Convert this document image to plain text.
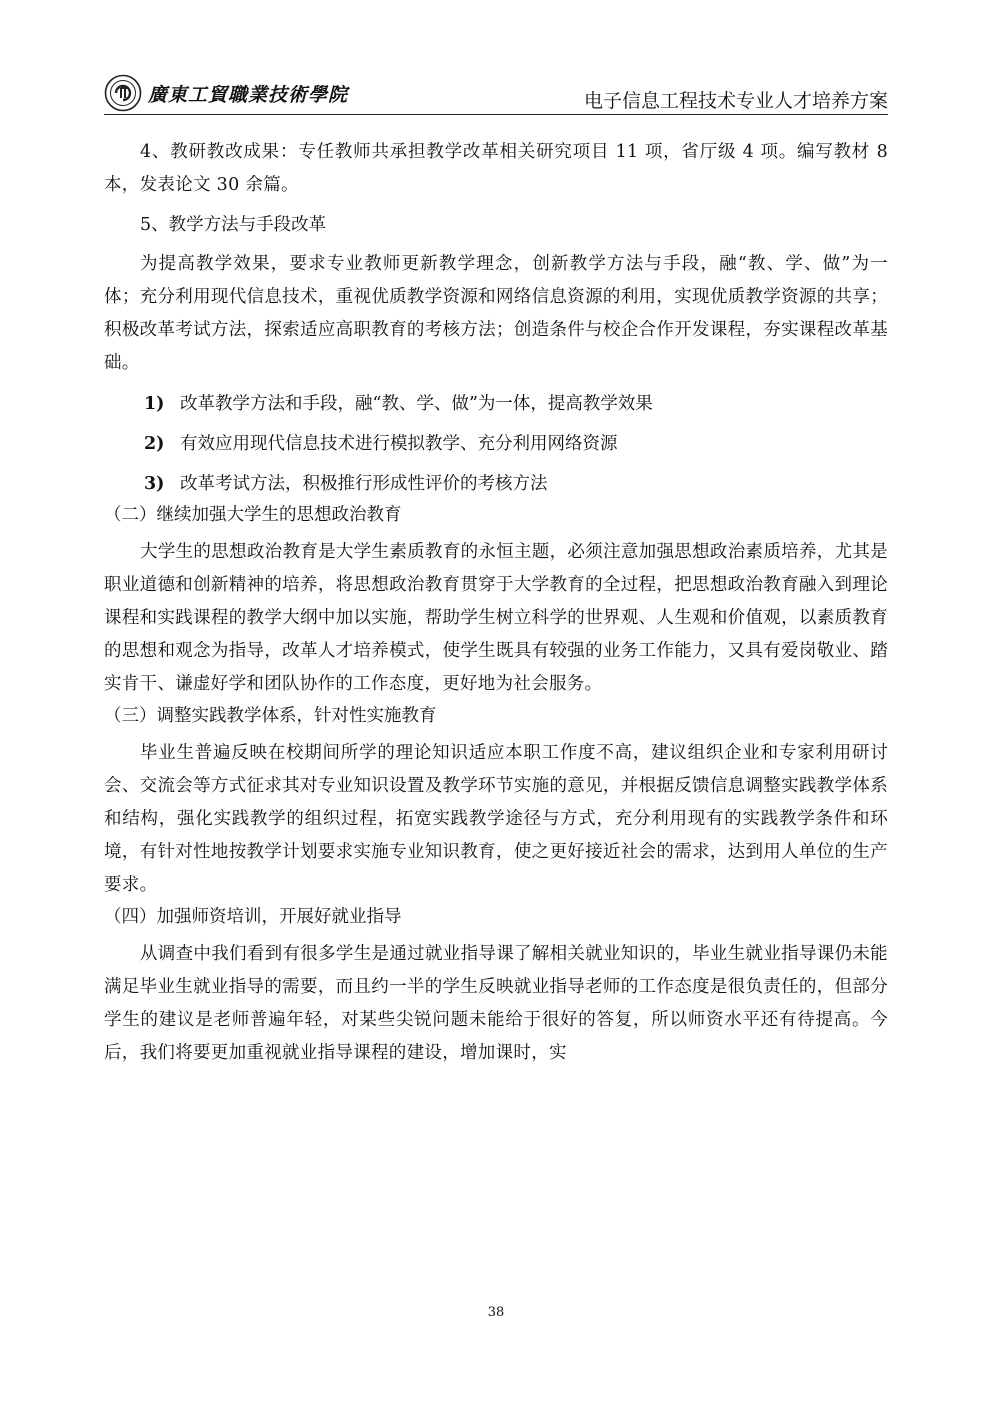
廣東工貿職業技術學院	电子信息工程技术专业人才培养方案

4、教研教改成果：专任教师共承担教学改革相关研究项目 11 项，省厅级 4 项。编写教材 8 本，发表论文 30 余篇。

5、教学方法与手段改革

为提高教学效果，要求专业教师更新教学理念，创新教学方法与手段，融“教、学、做”为一体；充分利用现代信息技术，重视优质教学资源和网络信息资源的利用，实现优质教学资源的共享；积极改革考试方法，探索适应高职教育的考核方法；创造条件与校企合作开发课程，夯实课程改革基础。

1) 改革教学方法和手段，融“教、学、做”为一体，提高教学效果
2) 有效应用现代信息技术进行模拟教学、充分利用网络资源
3) 改革考试方法，积极推行形成性评价的考核方法

（二）继续加强大学生的思想政治教育

大学生的思想政治教育是大学生素质教育的永恒主题，必须注意加强思想政治素质培养，尤其是职业道德和创新精神的培养，将思想政治教育贯穿于大学教育的全过程，把思想政治教育融入到理论课程和实践课程的教学大纲中加以实施，帮助学生树立科学的世界观、人生观和价值观，以素质教育的思想和观念为指导，改革人才培养模式，使学生既具有较强的业务工作能力，又具有爱岗敬业、踏实肯干、谦虚好学和团队协作的工作态度，更好地为社会服务。

（三）调整实践教学体系，针对性实施教育

毕业生普遍反映在校期间所学的理论知识适应本职工作度不高，建议组织企业和专家利用研讨会、交流会等方式征求其对专业知识设置及教学环节实施的意见，并根据反馈信息调整实践教学体系和结构，强化实践教学的组织过程，拓宽实践教学途径与方式，充分利用现有的实践教学条件和环境，有针对性地按教学计划要求实施专业知识教育，使之更好接近社会的需求，达到用人单位的生产要求。

（四）加强师资培训，开展好就业指导

从调查中我们看到有很多学生是通过就业指导课了解相关就业知识的，毕业生就业指导课仍未能满足毕业生就业指导的需要，而且约一半的学生反映就业指导老师的工作态度是很负责任的，但部分学生的建议是老师普遍年轻，对某些尖锐问题未能给于很好的答复，所以师资水平还有待提高。今后，我们将要更加重视就业指导课程的建设，增加课时，实

38
